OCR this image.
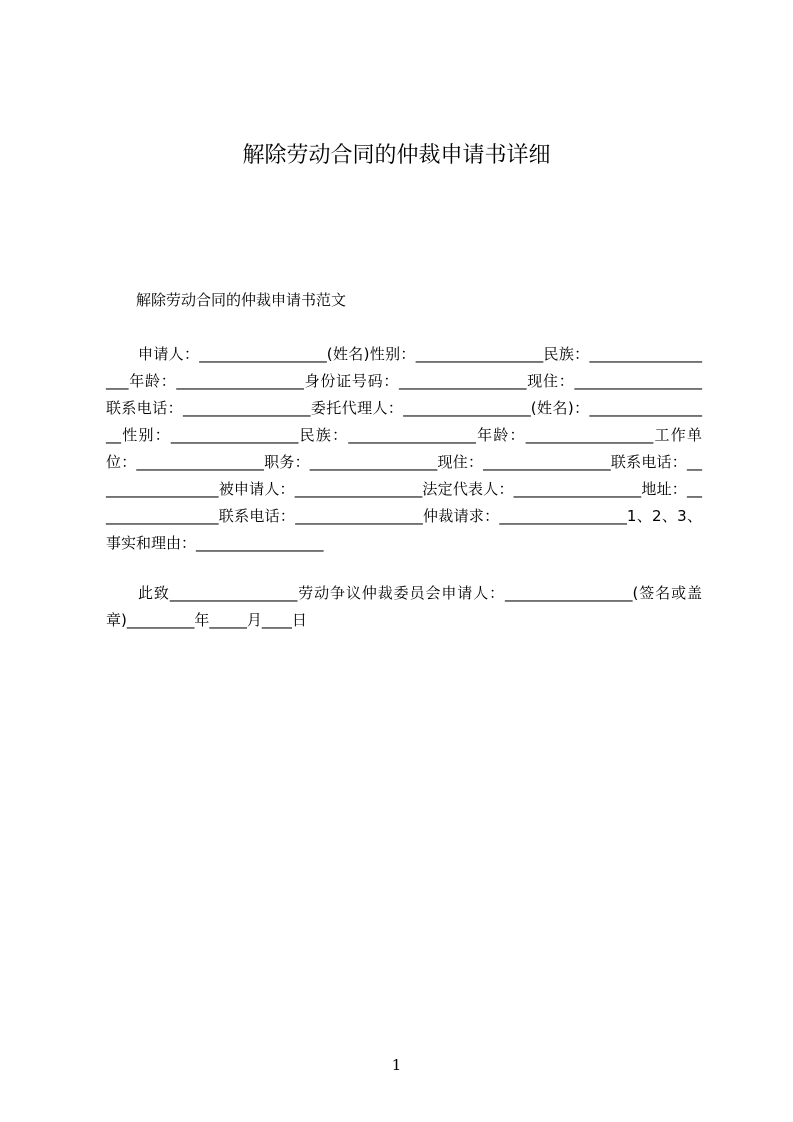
解除劳动合同的仲裁申请书详细
解除劳动合同的仲裁申请书范文
申请人：_________________(姓名)性别：_________________民族：__________________年龄：_________________身份证号码：_________________现住：_________________联系电话：_________________委托代理人：_________________(姓名)：_________________性别：_________________民族：_________________年龄：_________________工作单位：_________________职务：_________________现住：_________________联系电话：_________________被申请人：_________________法定代表人：_________________地址：_________________联系电话：_________________仲裁请求：_________________1、2、3、事实和理由：_________________
此致_________________劳动争议仲裁委员会申请人：_________________(签名或盖章)_________年_____月____日
1
